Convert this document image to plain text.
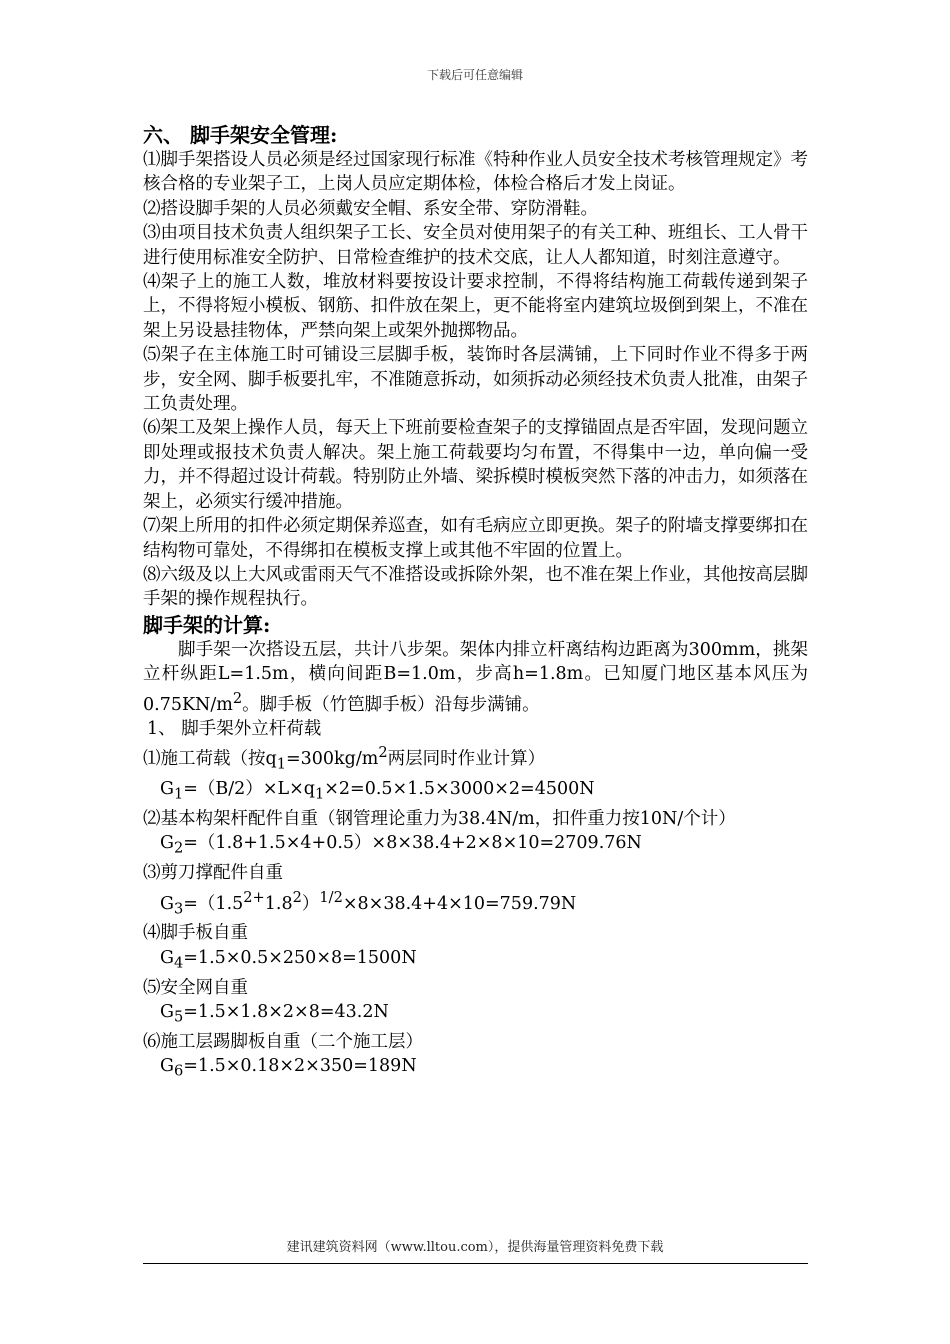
下载后可任意编辑

六、 脚手架安全管理:

⑴脚手架搭设人员必须是经过国家现行标准《特种作业人员安全技术考核管理规定》考核合格的专业架子工，上岗人员应定期体检，体检合格后才发上岗证。

⑵搭设脚手架的人员必须戴安全帽、系安全带、穿防滑鞋。

⑶由项目技术负责人组织架子工长、安全员对使用架子的有关工种、班组长、工人骨干进行使用标准安全防护、日常检查维护的技术交底，让人人都知道，时刻注意遵守。

⑷架子上的施工人数，堆放材料要按设计要求控制，不得将结构施工荷载传递到架子上，不得将短小模板、钢筋、扣件放在架上，更不能将室内建筑垃圾倒到架上，不准在架上另设悬挂物体，严禁向架上或架外抛掷物品。

⑸架子在主体施工时可铺设三层脚手板，装饰时各层满铺，上下同时作业不得多于两步，安全网、脚手板要扎牢，不准随意拆动，如须拆动必须经技术负责人批准，由架子工负责处理。

⑹架工及架上操作人员，每天上下班前要检查架子的支撑锚固点是否牢固，发现问题立即处理或报技术负责人解决。架上施工荷载要均匀布置，不得集中一边，单向偏一受力，并不得超过设计荷载。特别防止外墙、梁拆模时模板突然下落的冲击力，如须落在架上，必须实行缓冲措施。

⑺架上所用的扣件必须定期保养巡查，如有毛病应立即更换。架子的附墙支撑要绑扣在结构物可靠处，不得绑扣在模板支撑上或其他不牢固的位置上。

⑻六级及以上大风或雷雨天气不准搭设或拆除外架，也不准在架上作业，其他按高层脚手架的操作规程执行。

脚手架的计算:

脚手架一次搭设五层，共计八步架。架体内排立杆离结构边距离为300mm，挑架立杆纵距L=1.5m，横向间距B=1.0m，步高h=1.8m。已知厦门地区基本风压为$0.75KN/m^2$。脚手板（竹笆脚手板）沿每步满铺。

1、 脚手架外立杆荷载

⑴施工荷载（按$q_1=300kg/m^2$两层同时作业计算）

$G_1=(B/2)\times L\times q_1\times 2=0.5\times 1.5\times 3000\times 2=4500N$

⑵基本构架杆配件自重（钢管理论重力为38.4N/m，扣件重力按10N/个计）

$G_2=(1.8+1.5\times 4+0.5)\times 8\times 38.4+2\times 8\times 10=2709.76N$

⑶剪刀撑配件自重

$G_3=(1.5^{2+}1.8^2)^{1/2}\times 8\times 38.4+4\times 10=759.79N$

⑷脚手板自重

$G_4=1.5\times 0.5\times 250\times 8=1500N$

⑸安全网自重

$G_5=1.5\times 1.8\times 2\times 8=43.2N$

⑹施工层踢脚板自重（二个施工层）

$G_6=1.5\times 0.18\times 2\times 350=189N$

建讯建筑资料网（www.lltou.com），提供海量管理资料免费下载
